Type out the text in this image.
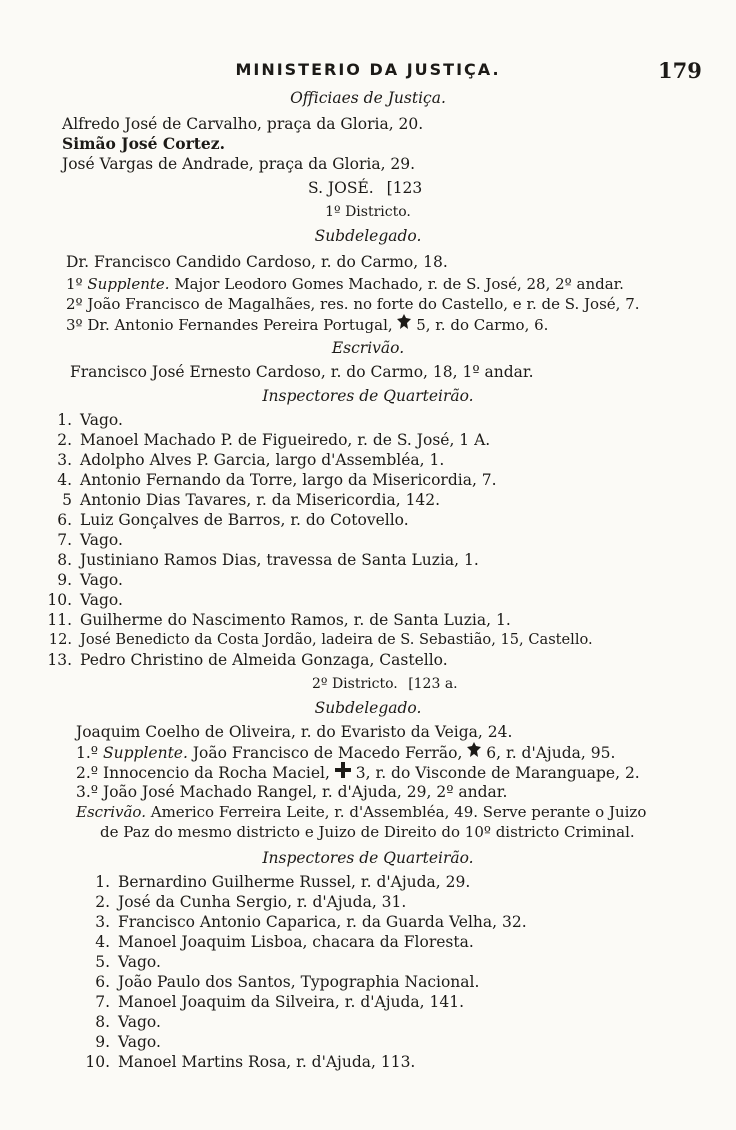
MINISTERIO DA JUSTIÇA.	179
Officiaes de Justiça.
Alfredo José de Carvalho, praça da Gloria, 20.
Simão José Cortez.
José Vargas de Andrade, praça da Gloria, 29.
S. JOSÉ. [123
1º Districto.
Subdelegado.
Dr. Francisco Candido Cardoso, r. do Carmo, 18.
1º Supplente. Major Leodoro Gomes Machado, r. de S. José, 28, 2º andar.
2º João Francisco de Magalhães, res. no forte do Castello, e r. de S. José, 7.
3º Dr. Antonio Fernandes Pereira Portugal, 5, r. do Carmo, 6.
Escrivão.
Francisco José Ernesto Cardoso, r. do Carmo, 18, 1º andar.
Inspectores de Quarteirão.
1. Vago.
2. Manoel Machado P. de Figueiredo, r. de S. José, 1 A.
3. Adolpho Alves P. Garcia, largo d'Assembléa, 1.
4. Antonio Fernando da Torre, largo da Misericordia, 7.
5 Antonio Dias Tavares, r. da Misericordia, 142.
6. Luiz Gonçalves de Barros, r. do Cotovello.
7. Vago.
8. Justiniano Ramos Dias, travessa de Santa Luzia, 1.
9. Vago.
10. Vago.
11. Guilherme do Nascimento Ramos, r. de Santa Luzia, 1.
12. José Benedicto da Costa Jordão, ladeira de S. Sebastião, 15, Castello.
13. Pedro Christino de Almeida Gonzaga, Castello.
2º Districto. [123 a.
Subdelegado.
Joaquim Coelho de Oliveira, r. do Evaristo da Veiga, 24.
1.º Supplente. João Francisco de Macedo Ferrão, 6, r. d'Ajuda, 95.
2.º Innocencio da Rocha Maciel, 3, r. do Visconde de Maranguape, 2.
3.º João José Machado Rangel, r. d'Ajuda, 29, 2º andar.
Escrivão. Americo Ferreira Leite, r. d'Assembléa, 49. Serve perante o Juizo
de Paz do mesmo districto e Juizo de Direito do 10º districto Criminal.
Inspectores de Quarteirão.
1. Bernardino Guilherme Russel, r. d'Ajuda, 29.
2. José da Cunha Sergio, r. d'Ajuda, 31.
3. Francisco Antonio Caparica, r. da Guarda Velha, 32.
4. Manoel Joaquim Lisboa, chacara da Floresta.
5. Vago.
6. João Paulo dos Santos, Typographia Nacional.
7. Manoel Joaquim da Silveira, r. d'Ajuda, 141.
8. Vago.
9. Vago.
10. Manoel Martins Rosa, r. d'Ajuda, 113.
